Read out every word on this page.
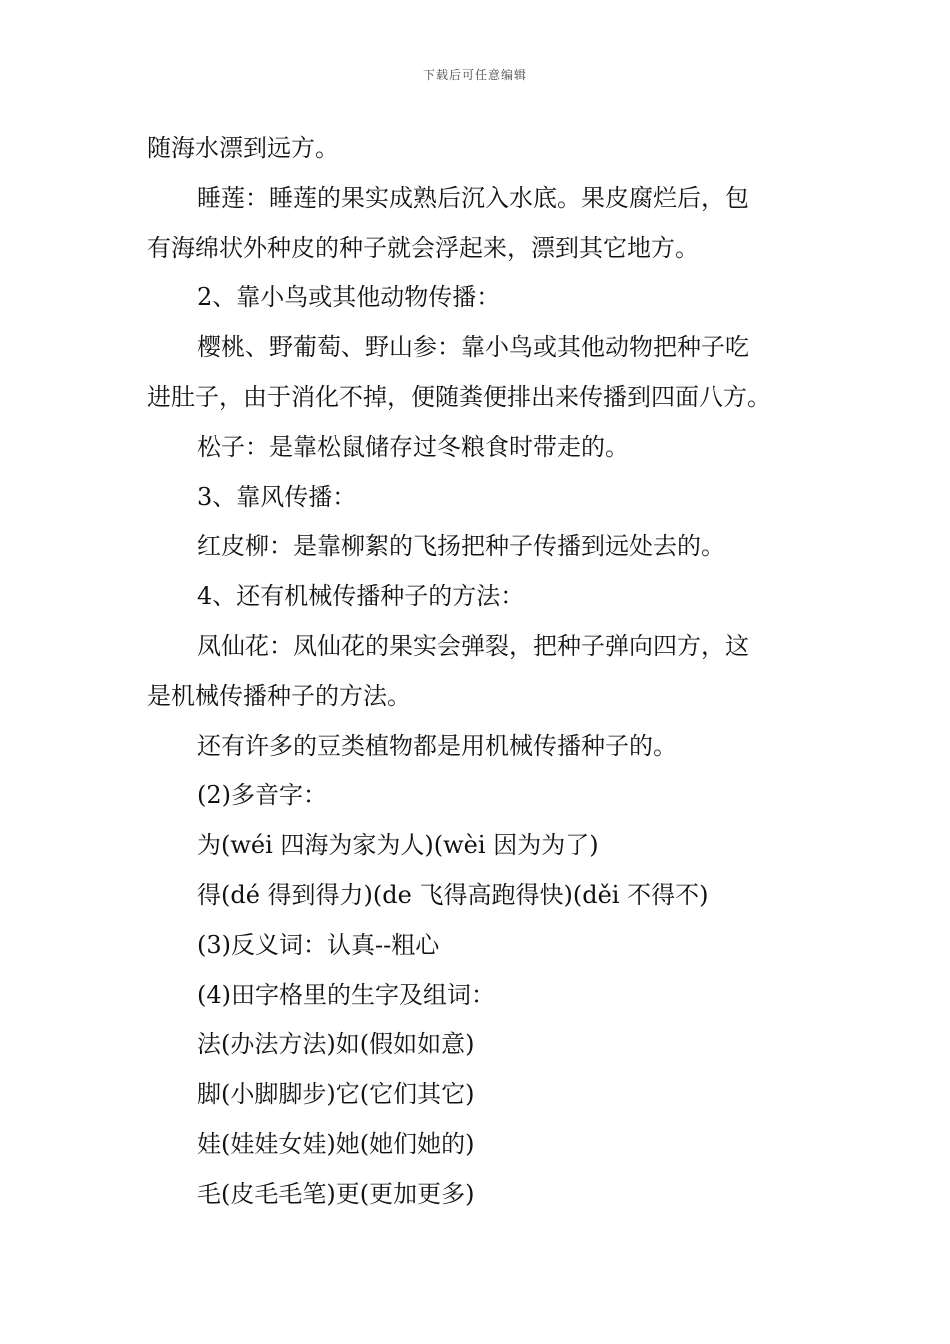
下载后可任意编辑
随海水漂到远方。
睡莲：睡莲的果实成熟后沉入水底。果皮腐烂后，包
有海绵状外种皮的种子就会浮起来，漂到其它地方。
2、靠小鸟或其他动物传播：
樱桃、野葡萄、野山参：靠小鸟或其他动物把种子吃
进肚子，由于消化不掉，便随粪便排出来传播到四面八方。
松子：是靠松鼠储存过冬粮食时带走的。
3、靠风传播：
红皮柳：是靠柳絮的飞扬把种子传播到远处去的。
4、还有机械传播种子的方法：
凤仙花：凤仙花的果实会弹裂，把种子弹向四方，这
是机械传播种子的方法。
还有许多的豆类植物都是用机械传播种子的。
(2)多音字：
为(wéi 四海为家为人)(wèi 因为为了)
得(dé 得到得力)(de 飞得高跑得快)(děi 不得不)
(3)反义词：认真--粗心
(4)田字格里的生字及组词：
法(办法方法)如(假如如意)
脚(小脚脚步)它(它们其它)
娃(娃娃女娃)她(她们她的)
毛(皮毛毛笔)更(更加更多)
